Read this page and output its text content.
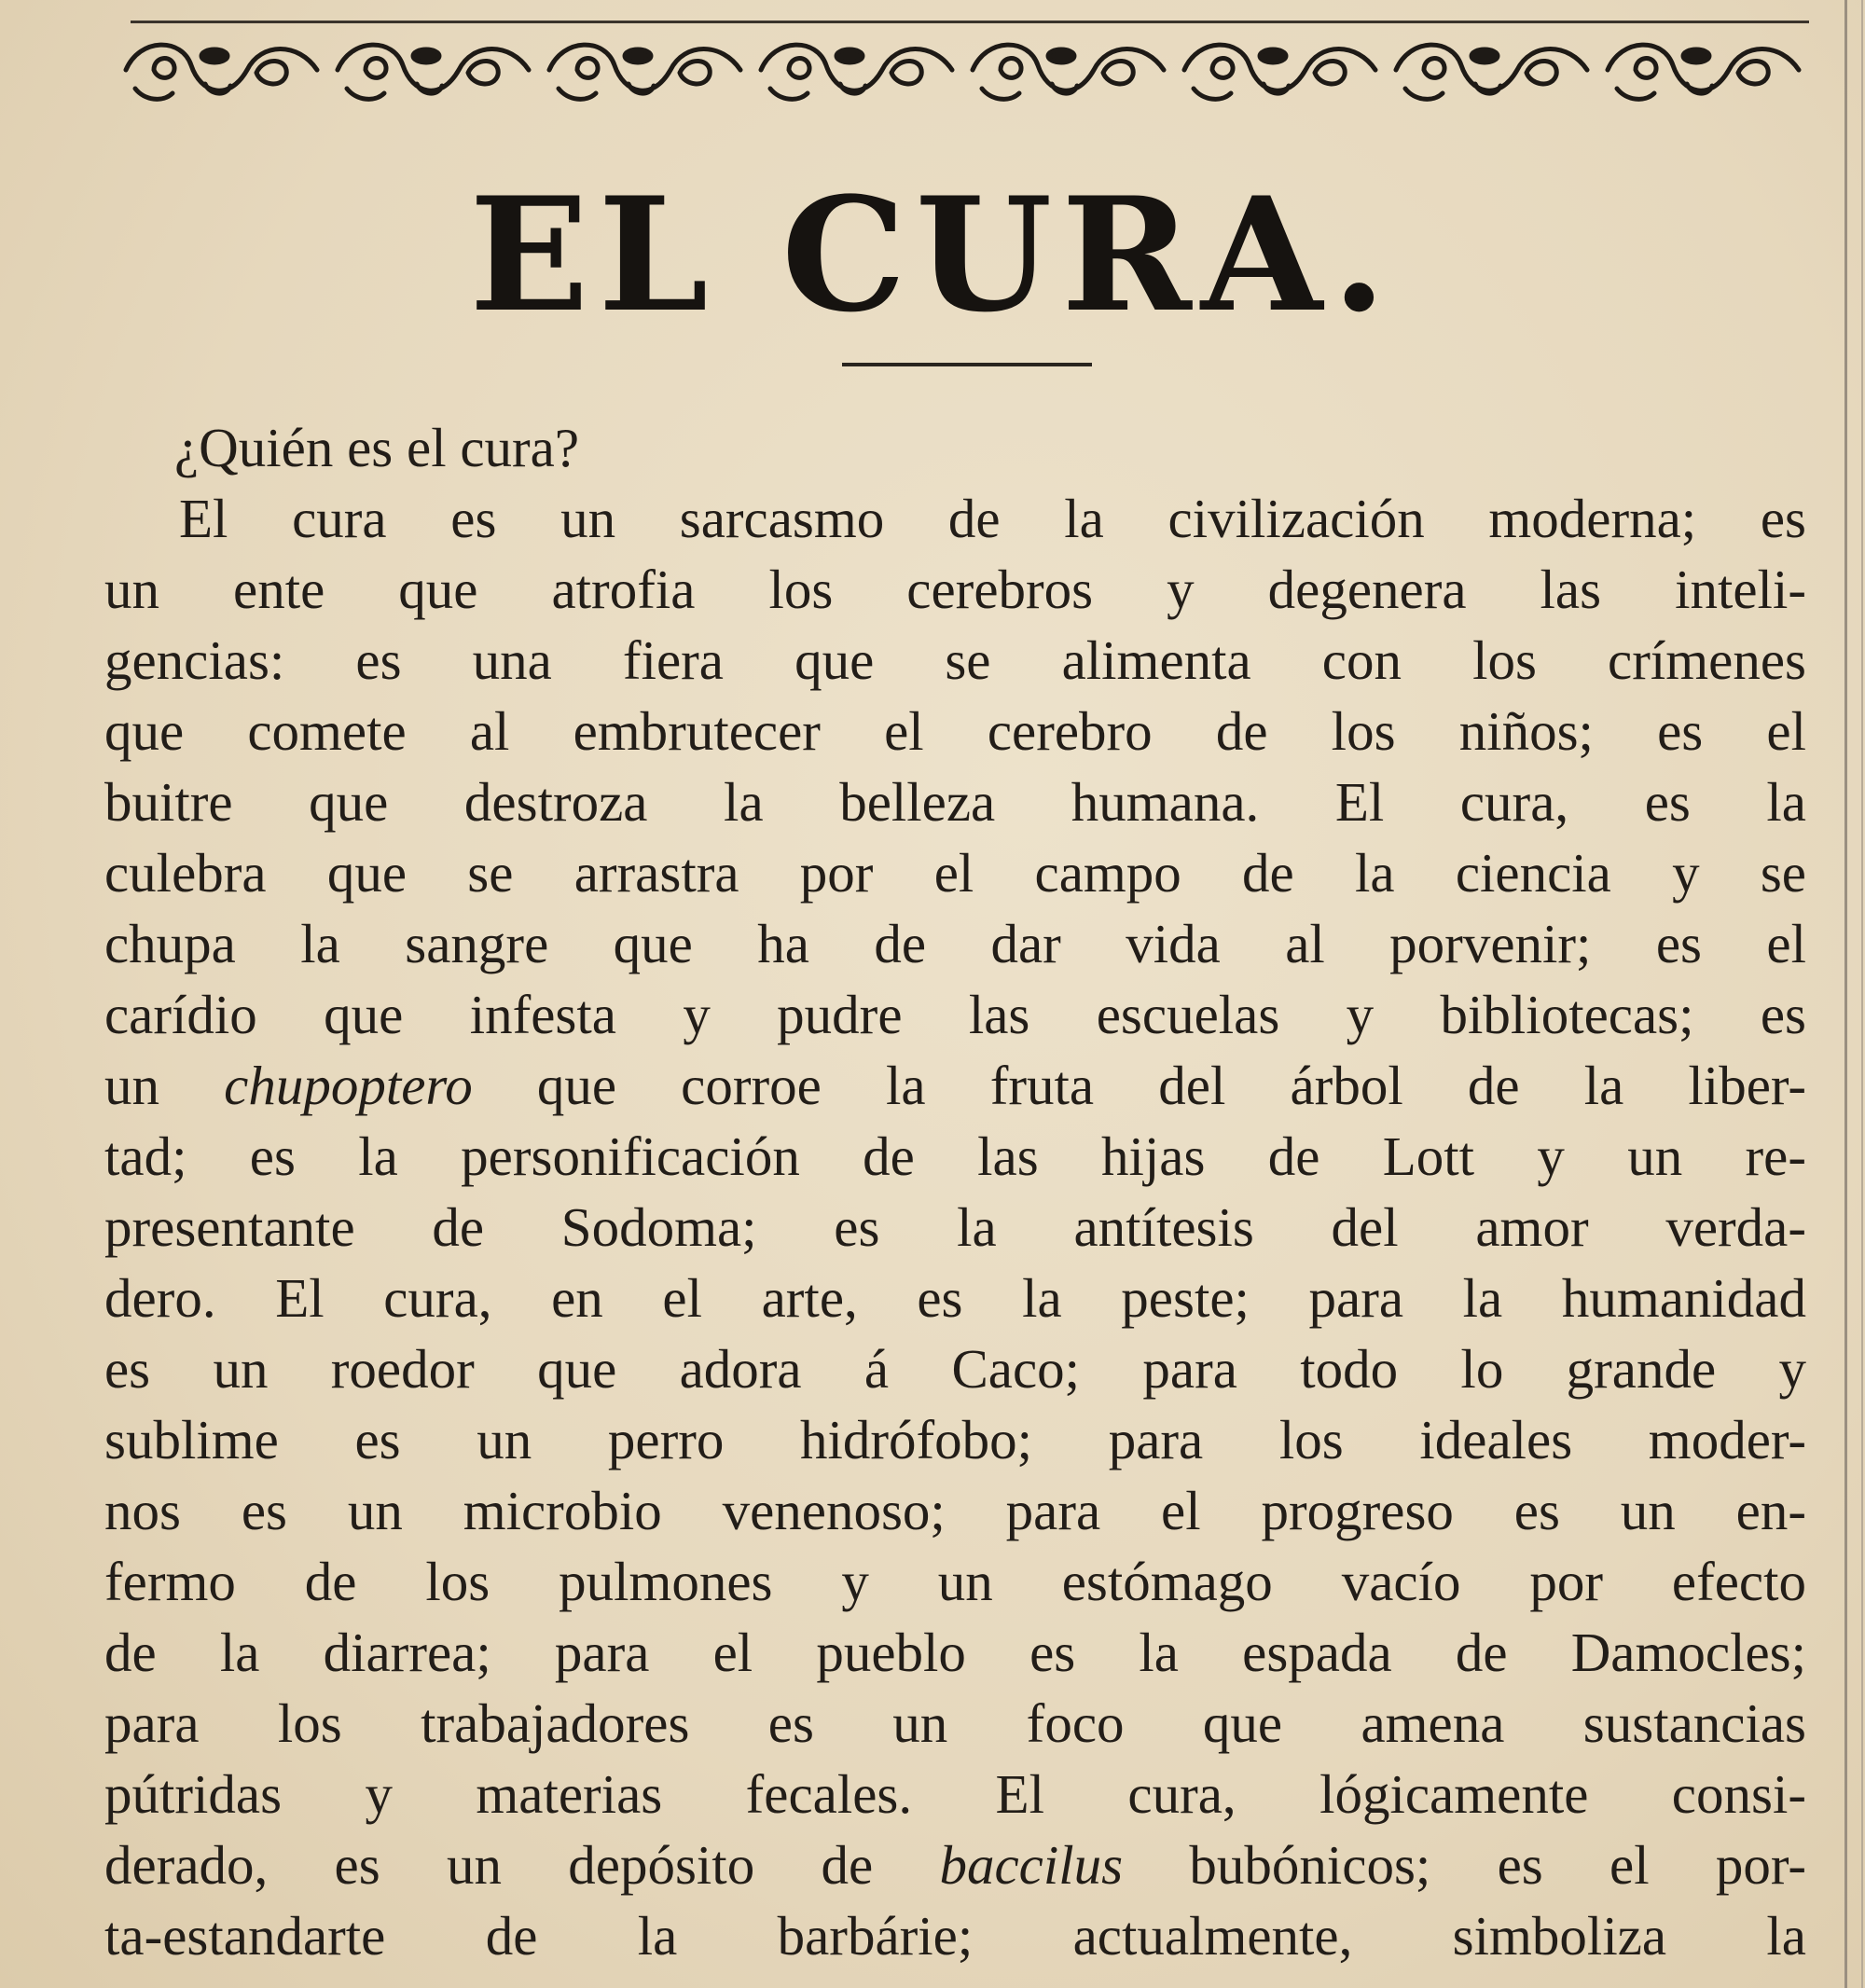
EL CURA.
¿Quién es el cura?
El cura es un sarcasmo de la civilización moderna; es
un ente que atrofia los cerebros y degenera las inteli-
gencias: es una fiera que se alimenta con los crímenes
que comete al embrutecer el cerebro de los niños; es el
buitre que destroza la belleza humana. El cura, es la
culebra que se arrastra por el campo de la ciencia y se
chupa la sangre que ha de dar vida al porvenir; es el
carídio que infesta y pudre las escuelas y bibliotecas; es
un chupoptero que corroe la fruta del árbol de la liber-
tad; es la personificación de las hijas de Lott y un re-
presentante de Sodoma; es la antítesis del amor verda-
dero. El cura, en el arte, es la peste; para la humanidad
es un roedor que adora á Caco; para todo lo grande y
sublime es un perro hidrófobo; para los ideales moder-
nos es un microbio venenoso; para el progreso es un en-
fermo de los pulmones y un estómago vacío por efecto
de la diarrea; para el pueblo es la espada de Damocles;
para los trabajadores es un foco que amena sustancias
pútridas y materias fecales. El cura, lógicamente consi-
derado, es un depósito de baccilus bubónicos; es el por-
ta-estandarte de la barbárie; actualmente, simboliza la
